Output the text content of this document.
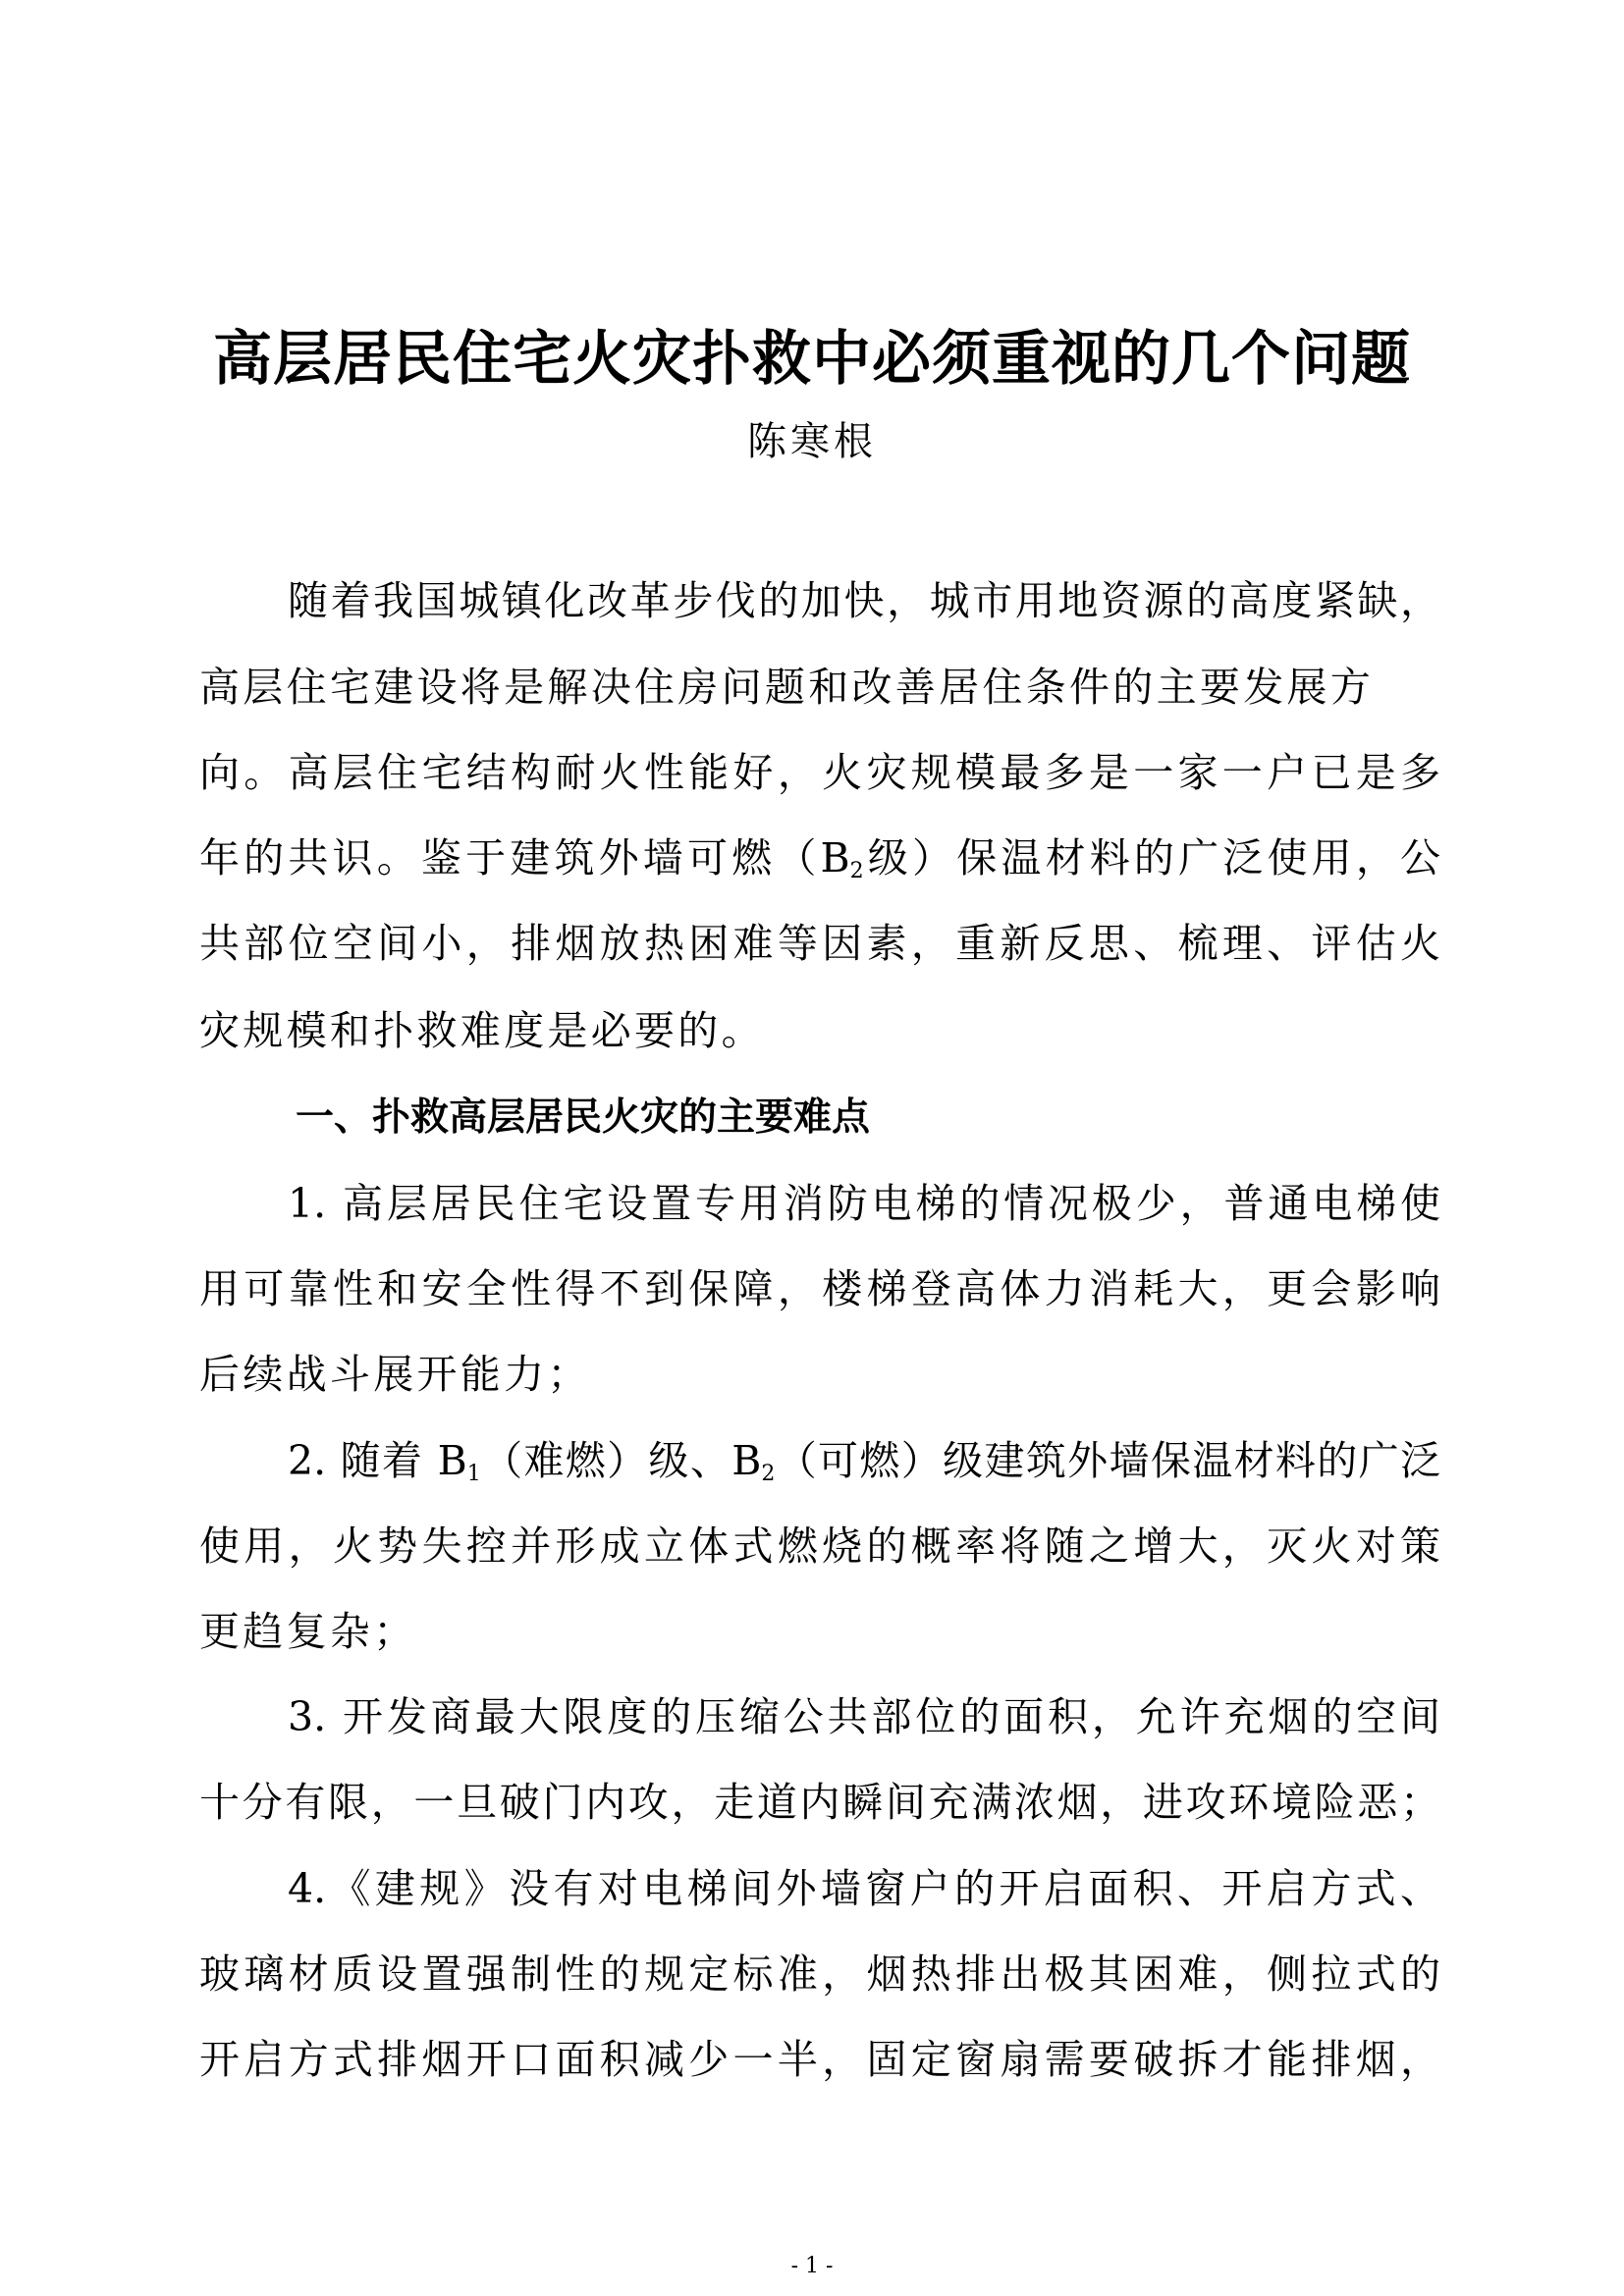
高层居民住宅火灾扑救中必须重视的几个问题
陈寒根
随着我国城镇化改革步伐的加快，城市用地资源的高度紧缺，
高层住宅建设将是解决住房问题和改善居住条件的主要发展方
向。高层住宅结构耐火性能好，火灾规模最多是一家一户已是多
年的共识。鉴于建筑外墙可燃（$B_2$级）保温材料的广泛使用，公
共部位空间小，排烟放热困难等因素，重新反思、梳理、评估火
灾规模和扑救难度是必要的。
一、扑救高层居民火灾的主要难点
1. 高层居民住宅设置专用消防电梯的情况极少，普通电梯使
用可靠性和安全性得不到保障，楼梯登高体力消耗大，更会影响
后续战斗展开能力；
2. 随着 $B_1$（难燃）级、$B_2$（可燃）级建筑外墙保温材料的广泛
使用，火势失控并形成立体式燃烧的概率将随之增大，灭火对策
更趋复杂；
3. 开发商最大限度的压缩公共部位的面积，允许充烟的空间
十分有限，一旦破门内攻，走道内瞬间充满浓烟，进攻环境险恶；
4.《建规》没有对电梯间外墙窗户的开启面积、开启方式、
玻璃材质设置强制性的规定标准，烟热排出极其困难，侧拉式的
开启方式排烟开口面积减少一半，固定窗扇需要破拆才能排烟，
- 1 -
